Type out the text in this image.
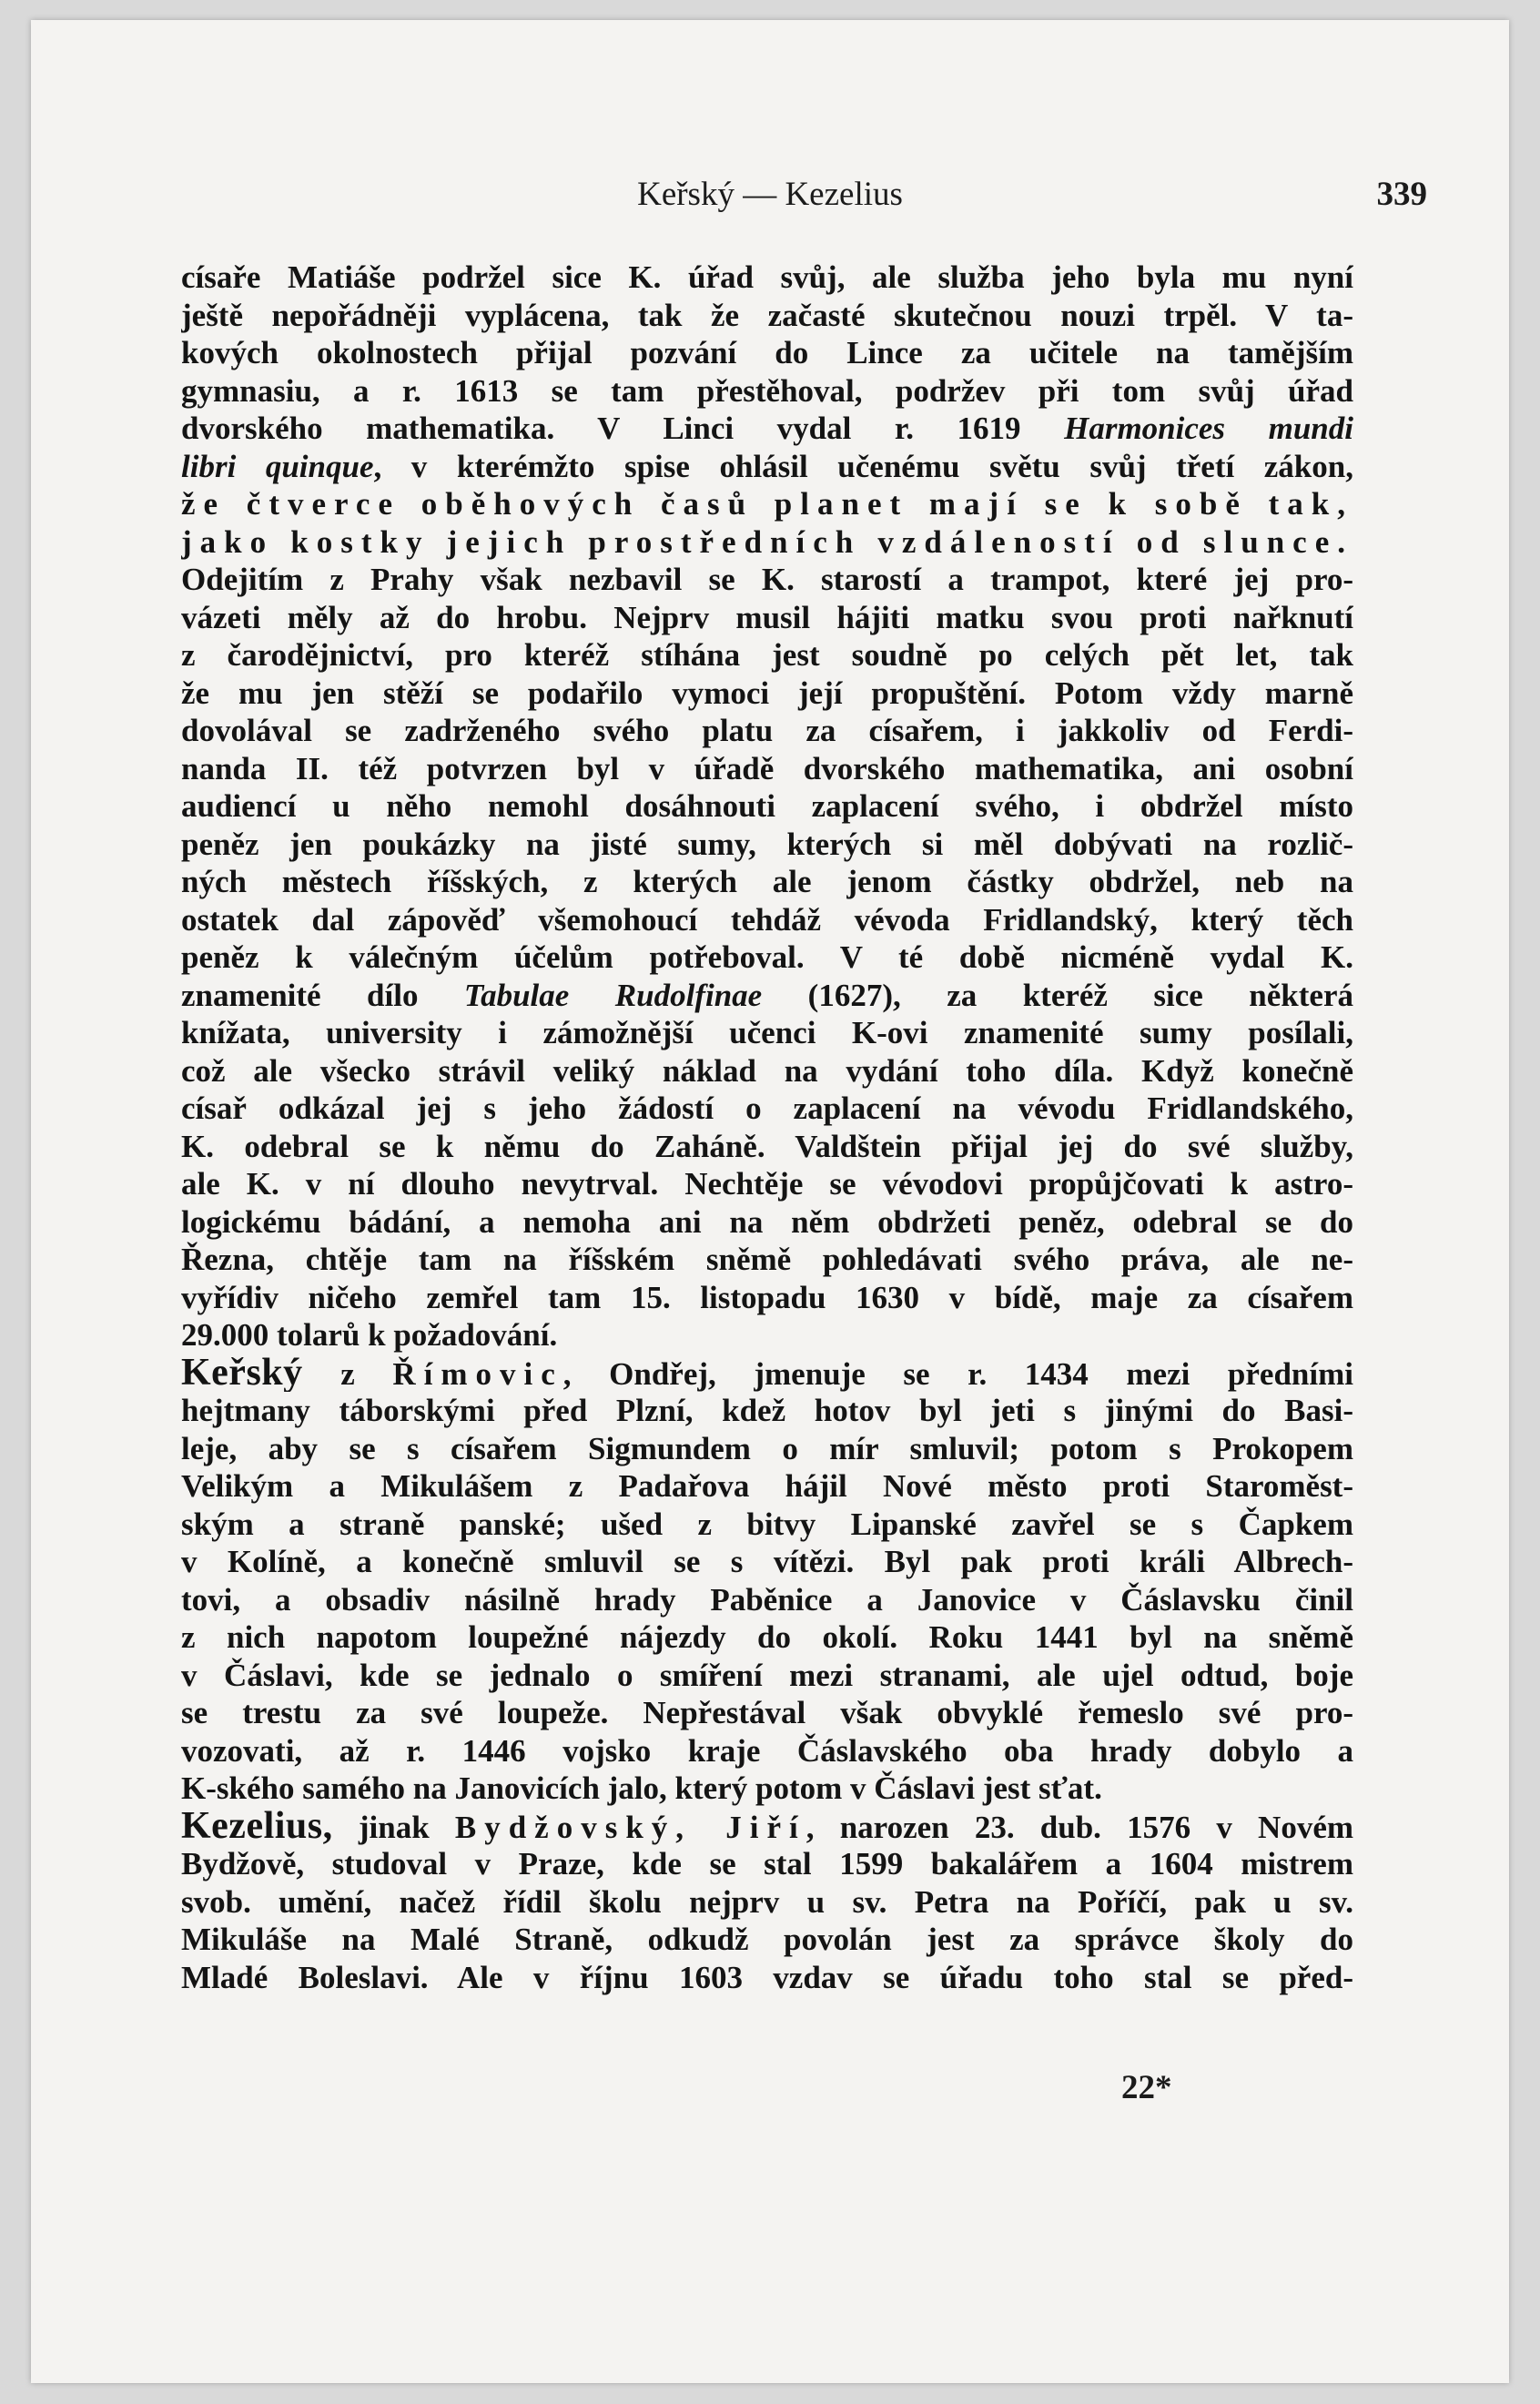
Keřský — Kezelius	339
císaře Matiáše podržel sice K. úřad svůj, ale služba jeho byla mu nyní
ještě nepořádněji vyplácena, tak že začasté skutečnou nouzi trpěl. V ta-
kových okolnostech přijal pozvání do Lince za učitele na tamějším
gymnasiu, a r. 1613 se tam přestěhoval, podržev při tom svůj úřad
dvorského mathematika. V Linci vydal r. 1619 Harmonices mundi
libri quinque, v kterémžto spise ohlásil učenému světu svůj třetí zákon,
že čtverce oběhových časů planet mají se k sobě tak,
jako kostky jejich prostředních vzdáleností od slunce.
Odejitím z Prahy však nezbavil se K. starostí a trampot, které jej pro-
vázeti měly až do hrobu. Nejprv musil hájiti matku svou proti nařknutí
z čarodějnictví, pro kteréž stíhána jest soudně po celých pět let, tak
že mu jen stěží se podařilo vymoci její propuštění. Potom vždy marně
dovolával se zadrženého svého platu za císařem, i jakkoliv od Ferdi-
nanda II. též potvrzen byl v úřadě dvorského mathematika, ani osobní
audiencí u něho nemohl dosáhnouti zaplacení svého, i obdržel místo
peněz jen poukázky na jisté sumy, kterých si měl dobývati na rozlič-
ných městech říšských, z kterých ale jenom částky obdržel, neb na
ostatek dal zápověď všemohoucí tehdáž vévoda Fridlandský, který těch
peněz k válečným účelům potřeboval. V té době nicméně vydal K.
znamenité dílo Tabulae Rudolfinae (1627), za kteréž sice některá
knížata, university i zámožnější učenci K-ovi znamenité sumy posílali,
což ale všecko strávil veliký náklad na vydání toho díla. Když konečně
císař odkázal jej s jeho žádostí o zaplacení na vévodu Fridlandského,
K. odebral se k němu do Zaháně. Valdštein přijal jej do své služby,
ale K. v ní dlouho nevytrval. Nechtěje se vévodovi propůjčovati k astro-
logickému bádání, a nemoha ani na něm obdržeti peněz, odebral se do
Řezna, chtěje tam na říšském sněmě pohledávati svého práva, ale ne-
vyřídiv ničeho zemřel tam 15. listopadu 1630 v bídě, maje za císařem
29.000 tolarů k požadování.
Keřský z Římovic, Ondřej, jmenuje se r. 1434 mezi předními
hejtmany táborskými před Plzní, kdež hotov byl jeti s jinými do Basi-
leje, aby se s císařem Sigmundem o mír smluvil; potom s Prokopem
Velikým a Mikulášem z Padařova hájil Nové město proti Staroměst-
ským a straně panské; ušed z bitvy Lipanské zavřel se s Čapkem
v Kolíně, a konečně smluvil se s vítězi. Byl pak proti králi Albrech-
tovi, a obsadiv násilně hrady Paběnice a Janovice v Čáslavsku činil
z nich napotom loupežné nájezdy do okolí. Roku 1441 byl na sněmě
v Čáslavi, kde se jednalo o smíření mezi stranami, ale ujel odtud, boje
se trestu za své loupeže. Nepřestával však obvyklé řemeslo své pro-
vozovati, až r. 1446 vojsko kraje Čáslavského oba hrady dobylo a
K-ského samého na Janovicích jalo, který potom v Čáslavi jest sťat.
Kezelius, jinak Bydžovský, Jiří, narozen 23. dub. 1576 v Novém
Bydžově, studoval v Praze, kde se stal 1599 bakalářem a 1604 mistrem
svob. umění, načež řídil školu nejprv u sv. Petra na Poříčí, pak u sv.
Mikuláše na Malé Straně, odkudž povolán jest za správce školy do
Mladé Boleslavi. Ale v říjnu 1603 vzdav se úřadu toho stal se před-
22*
